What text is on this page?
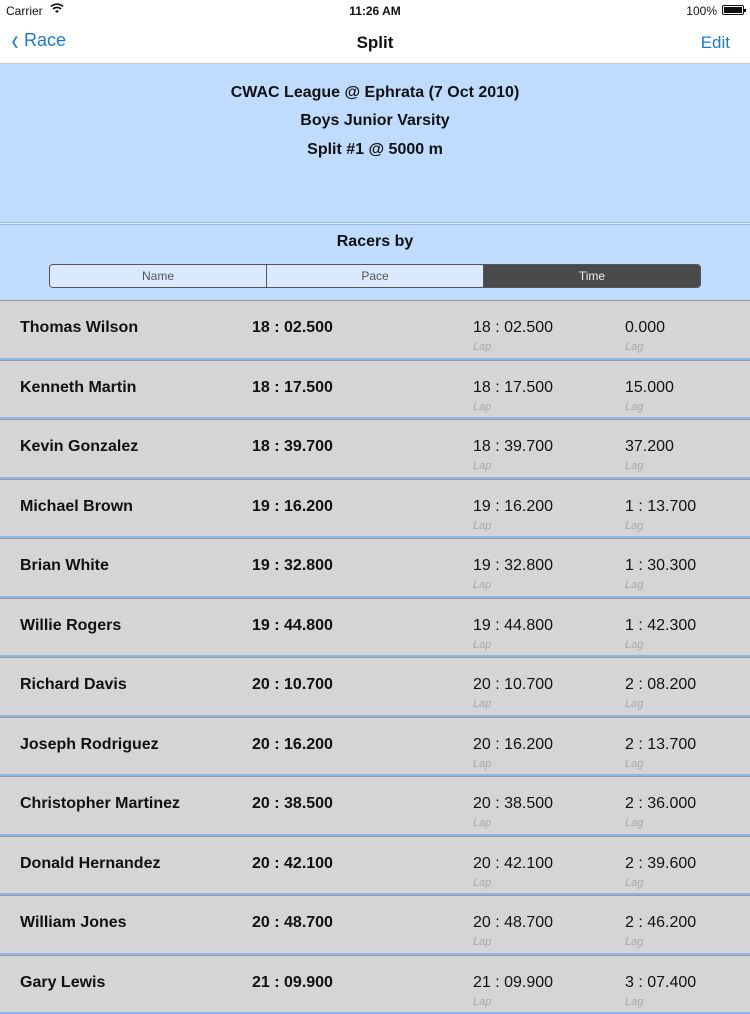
Carrier	11:26 AM	100%
‹ Race	Split	Edit
CWAC League @ Ephrata (7 Oct 2010)
Boys Junior Varsity
Split #1 @ 5000 m
Racers by
Name	Pace	Time
Thomas Wilson	18 : 02.500	18 : 02.500	0.000
Lap	Lag
Kenneth Martin	18 : 17.500	18 : 17.500	15.000
Lap	Lag
Kevin Gonzalez	18 : 39.700	18 : 39.700	37.200
Lap	Lag
Michael Brown	19 : 16.200	19 : 16.200	1 : 13.700
Lap	Lag
Brian White	19 : 32.800	19 : 32.800	1 : 30.300
Lap	Lag
Willie Rogers	19 : 44.800	19 : 44.800	1 : 42.300
Lap	Lag
Richard Davis	20 : 10.700	20 : 10.700	2 : 08.200
Lap	Lag
Joseph Rodriguez	20 : 16.200	20 : 16.200	2 : 13.700
Lap	Lag
Christopher Martinez	20 : 38.500	20 : 38.500	2 : 36.000
Lap	Lag
Donald Hernandez	20 : 42.100	20 : 42.100	2 : 39.600
Lap	Lag
William Jones	20 : 48.700	20 : 48.700	2 : 46.200
Lap	Lag
Gary Lewis	21 : 09.900	21 : 09.900	3 : 07.400
Lap	Lag
